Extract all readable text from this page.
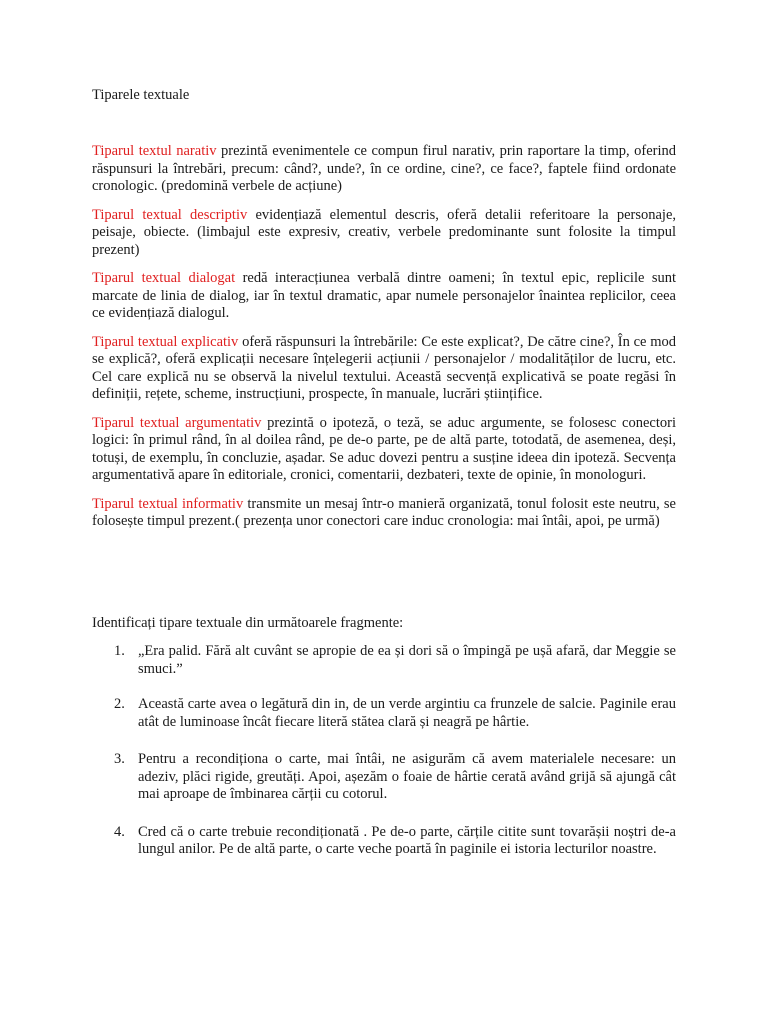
Tiparele textuale

Tiparul textul narativ prezintă evenimentele ce compun firul narativ, prin raportare la timp, oferind răspunsuri la întrebări, precum: când?, unde?, în ce ordine, cine?, ce face?, faptele fiind ordonate cronologic. (predomină verbele de acțiune)

Tiparul textual descriptiv evidențiază elementul descris, oferă detalii referitoare la personaje, peisaje, obiecte. (limbajul este expresiv, creativ, verbele predominante sunt folosite la timpul prezent)

Tiparul textual dialogat redă interacțiunea verbală dintre oameni; în textul epic, replicile sunt marcate de linia de dialog, iar în textul dramatic, apar numele personajelor înaintea replicilor, ceea ce evidențiază dialogul.

Tiparul textual explicativ oferă răspunsuri la întrebările: Ce este explicat?, De către cine?, În ce mod se explică?, oferă explicații necesare înțelegerii acțiunii / personajelor / modalităților de lucru, etc. Cel care explică nu se observă la nivelul textului. Această secvență explicativă se poate regăsi în definiții, rețete, scheme, instrucțiuni, prospecte, în manuale, lucrări științifice.

Tiparul textual argumentativ prezintă o ipoteză, o teză, se aduc argumente, se folosesc conectori logici: în primul rând, în al doilea rând, pe de-o parte, pe de altă parte, totodată, de asemenea, deși, totuși, de exemplu, în concluzie, așadar. Se aduc dovezi pentru a susține ideea din ipoteză. Secvența argumentativă apare în editoriale, cronici, comentarii, dezbateri, texte de opinie, în monologuri.

Tiparul textual informativ transmite un mesaj într-o manieră organizată, tonul folosit este neutru, se folosește timpul prezent.( prezența unor conectori care induc cronologia: mai întâi, apoi, pe urmă)

Identificați tipare textuale din următoarele fragmente:

1. „Era palid. Fără alt cuvânt se apropie de ea și dori să o împingă pe ușă afară, dar Meggie se smuci.”
2. Această carte avea o legătură din in, de un verde argintiu ca frunzele de salcie. Paginile erau atât de luminoase încât fiecare literă stătea clară și neagră pe hârtie.
3. Pentru a recondiționa o carte, mai întâi, ne asigurăm că avem materialele necesare: un adeziv, plăci rigide, greutăți. Apoi, așezăm o foaie de hârtie cerată având grijă să ajungă cât mai aproape de îmbinarea cărții cu cotorul.
4. Cred că o carte trebuie recondiționată . Pe de-o parte, cărțile citite sunt tovarășii noștri de-a lungul anilor. Pe de altă parte, o carte veche poartă în paginile ei istoria lecturilor noastre.
